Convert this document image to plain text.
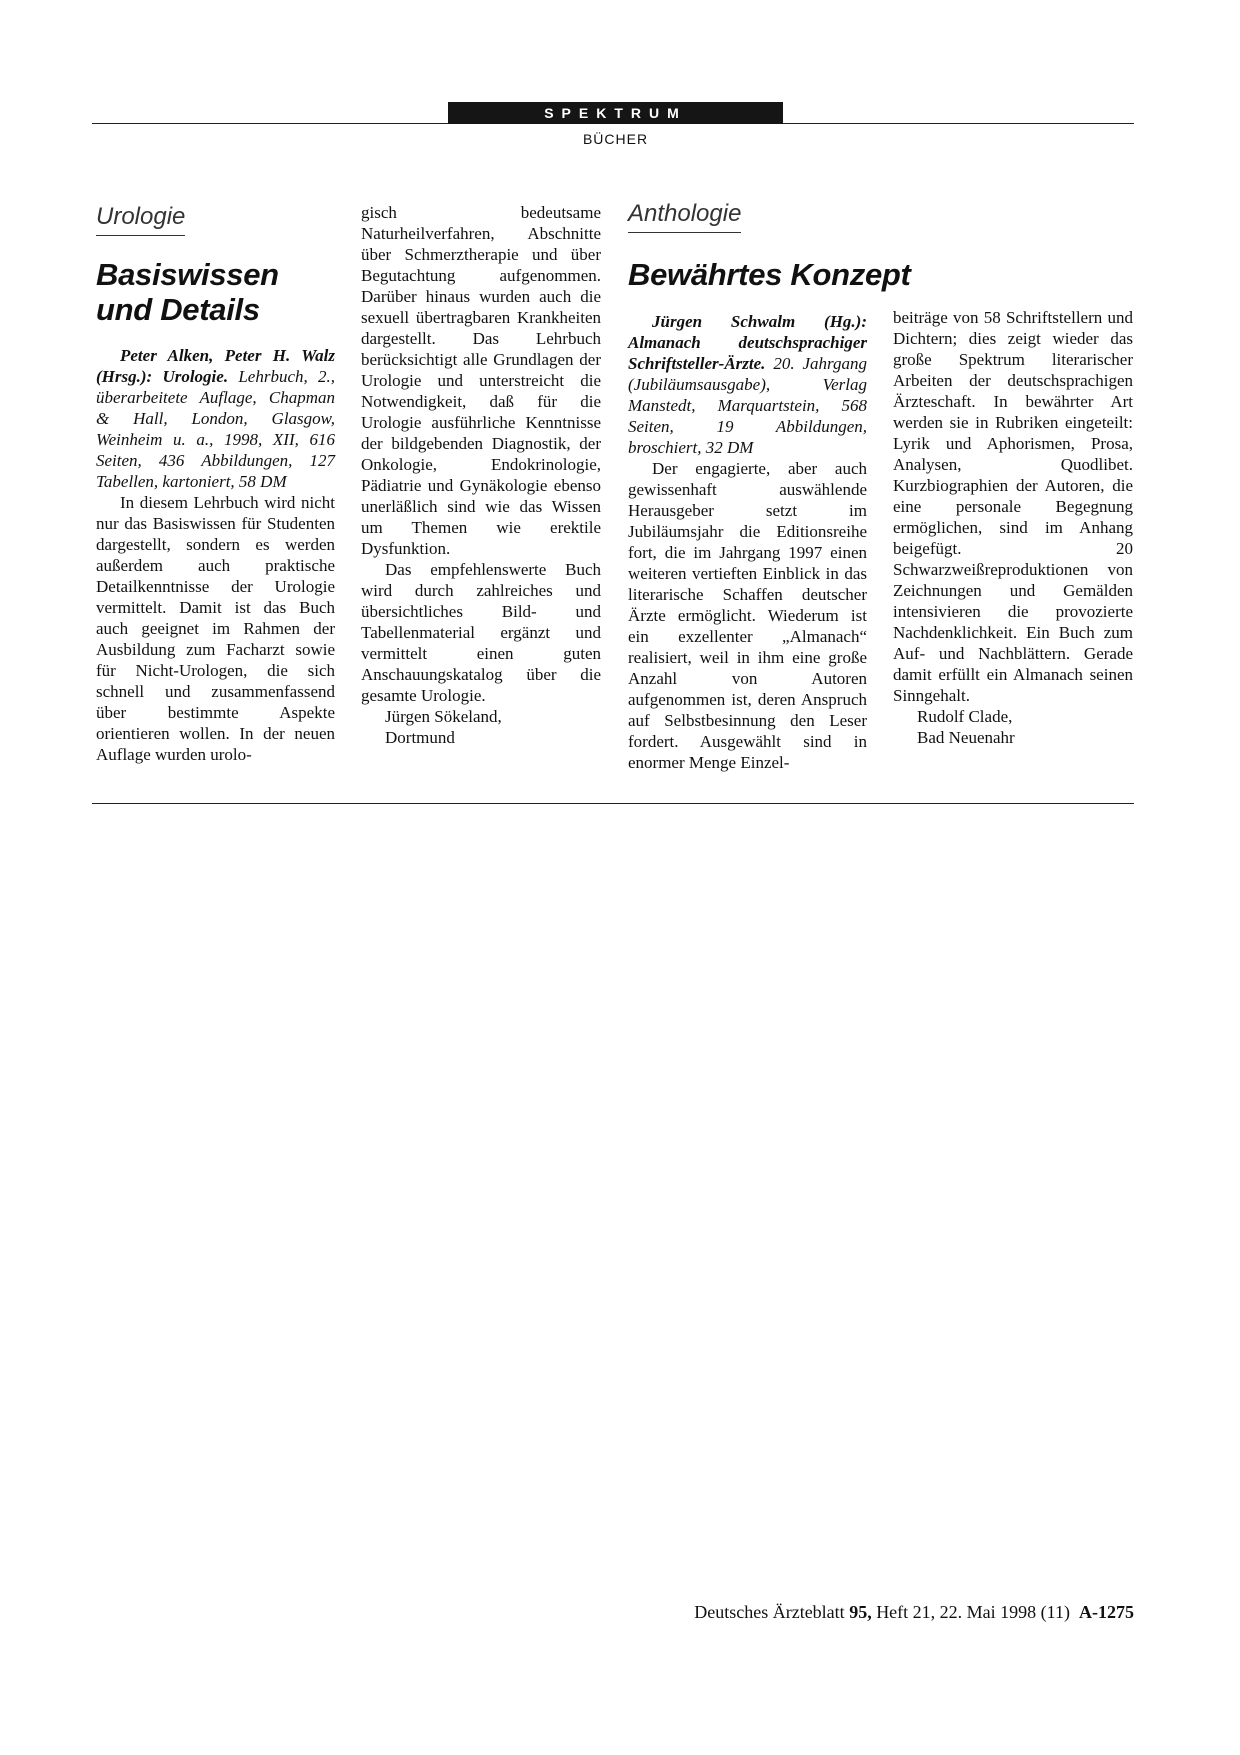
SPEKTRUM
BÜCHER
Urologie
Basiswissen
und Details

Peter Alken, Peter H. Walz (Hrsg.): Urologie. Lehrbuch, 2., überarbeitete Auflage, Chapman & Hall, London, Glasgow, Weinheim u. a., 1998, XII, 616 Seiten, 436 Abbildungen, 127 Tabellen, kartoniert, 58 DM

In diesem Lehrbuch wird nicht nur das Basiswissen für Studenten dargestellt, sondern es werden außerdem auch praktische Detailkenntnisse der Urologie vermittelt. Damit ist das Buch auch geeignet im Rahmen der Ausbildung zum Facharzt sowie für Nicht-Urologen, die sich schnell und zusammenfassend über bestimmte Aspekte orientieren wollen. In der neuen Auflage wurden urolo-

gisch bedeutsame Naturheilverfahren, Abschnitte über Schmerztherapie und über Begutachtung aufgenommen. Darüber hinaus wurden auch die sexuell übertragbaren Krankheiten dargestellt. Das Lehrbuch berücksichtigt alle Grundlagen der Urologie und unterstreicht die Notwendigkeit, daß für die Urologie ausführliche Kenntnisse der bildgebenden Diagnostik, der Onkologie, Endokrinologie, Pädiatrie und Gynäkologie ebenso unerläßlich sind wie das Wissen um Themen wie erektile Dysfunktion.

Das empfehlenswerte Buch wird durch zahlreiches und übersichtliches Bild- und Tabellenmaterial ergänzt und vermittelt einen guten Anschauungskatalog über die gesamte Urologie.

Jürgen Sökeland,

Dortmund

Anthologie
Bewährtes Konzept

Jürgen Schwalm (Hg.): Almanach deutschsprachiger Schriftsteller-Ärzte. 20. Jahrgang (Jubiläumsausgabe), Verlag Manstedt, Marquartstein, 568 Seiten, 19 Abbildungen, broschiert, 32 DM

Der engagierte, aber auch gewissenhaft auswählende Herausgeber setzt im Jubiläumsjahr die Editionsreihe fort, die im Jahrgang 1997 einen weiteren vertieften Einblick in das literarische Schaffen deutscher Ärzte ermöglicht. Wiederum ist ein exzellenter „Almanach“ realisiert, weil in ihm eine große Anzahl von Autoren aufgenommen ist, deren Anspruch auf Selbstbesinnung den Leser fordert. Ausgewählt sind in enormer Menge Einzel-

beiträge von 58 Schriftstellern und Dichtern; dies zeigt wieder das große Spektrum literarischer Arbeiten der deutschsprachigen Ärzteschaft. In bewährter Art werden sie in Rubriken eingeteilt: Lyrik und Aphorismen, Prosa, Analysen, Quodlibet. Kurzbiographien der Autoren, die eine personale Begegnung ermöglichen, sind im Anhang beigefügt. 20 Schwarzweißreproduktionen von Zeichnungen und Gemälden intensivieren die provozierte Nachdenklichkeit. Ein Buch zum Auf- und Nachblättern. Gerade damit erfüllt ein Almanach seinen Sinngehalt.

Rudolf Clade,

Bad Neuenahr

Deutsches Ärzteblatt 95, Heft 21, 22. Mai 1998 (11) A-1275
